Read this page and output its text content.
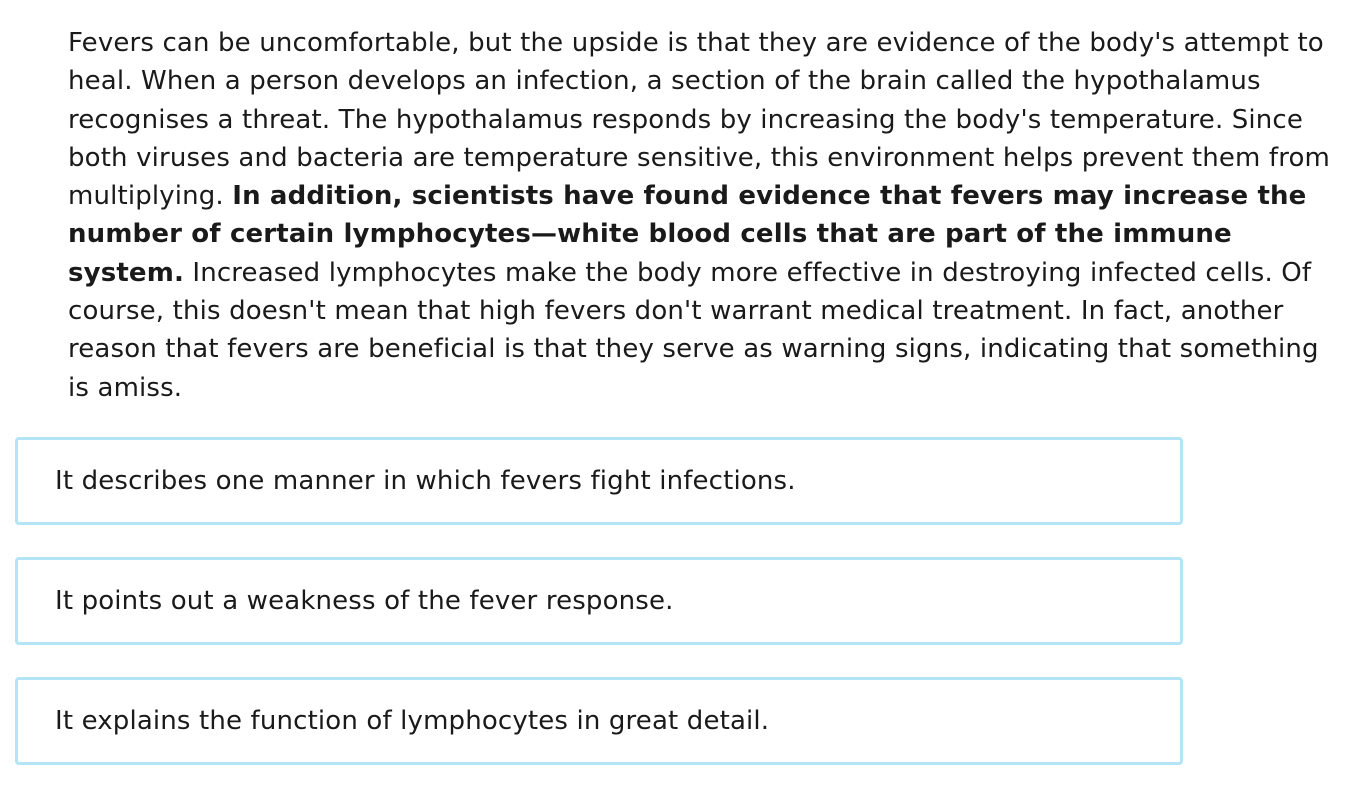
Fevers can be uncomfortable, but the upside is that they are evidence of the body's attempt to heal. When a person develops an infection, a section of the brain called the hypothalamus recognises a threat. The hypothalamus responds by increasing the body's temperature. Since both viruses and bacteria are temperature sensitive, this environment helps prevent them from multiplying. In addition, scientists have found evidence that fevers may increase the number of certain lymphocytes—white blood cells that are part of the immune system. Increased lymphocytes make the body more effective in destroying infected cells. Of course, this doesn't mean that high fevers don't warrant medical treatment. In fact, another reason that fevers are beneficial is that they serve as warning signs, indicating that something is amiss.

It describes one manner in which fevers fight infections.
It points out a weakness of the fever response.
It explains the function of lymphocytes in great detail.
